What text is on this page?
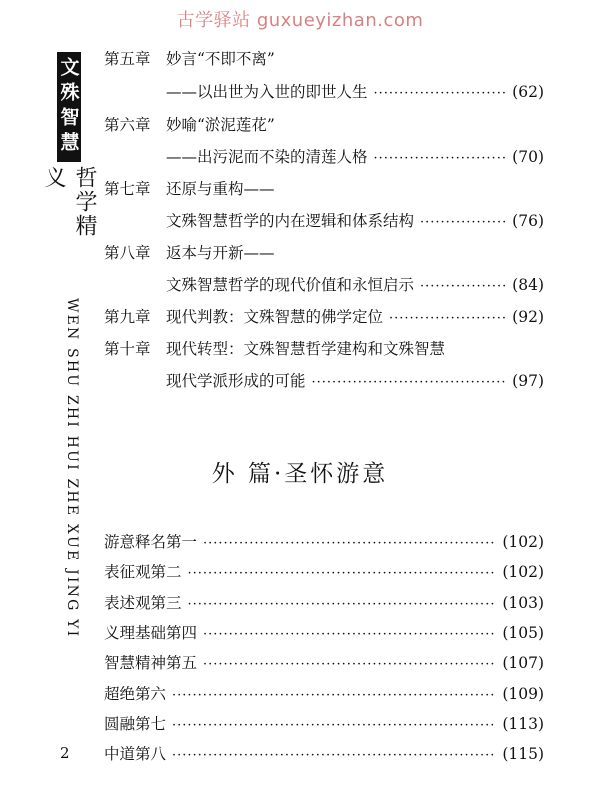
古学驿站 guxueyizhan.com
文殊智慧
哲学精义
WEN SHU ZHI HUI ZHE XUE JING YI
2
第五章 妙言“不即不离”
——以出世为入世的即世人生 ·····	(62)
第六章 妙喻“淤泥莲花”
——出污泥而不染的清莲人格 ·····	(70)
第七章 还原与重构——
文殊智慧哲学的内在逻辑和体系结构 ·····	(76)
第八章 返本与开新——
文殊智慧哲学的现代价值和永恒启示 ·····	(84)
第九章 现代判教：文殊智慧的佛学定位 ·····	(92)
第十章 现代转型：文殊智慧哲学建构和文殊智慧
现代学派形成的可能 ·····	(97)
外 篇·圣怀游意
游意释名第一 ·····	(102)
表征观第二 ·····	(102)
表述观第三 ·····	(103)
义理基础第四 ·····	(105)
智慧精神第五 ·····	(107)
超绝第六 ·····	(109)
圆融第七 ·····	(113)
中道第八 ·····	(115)
